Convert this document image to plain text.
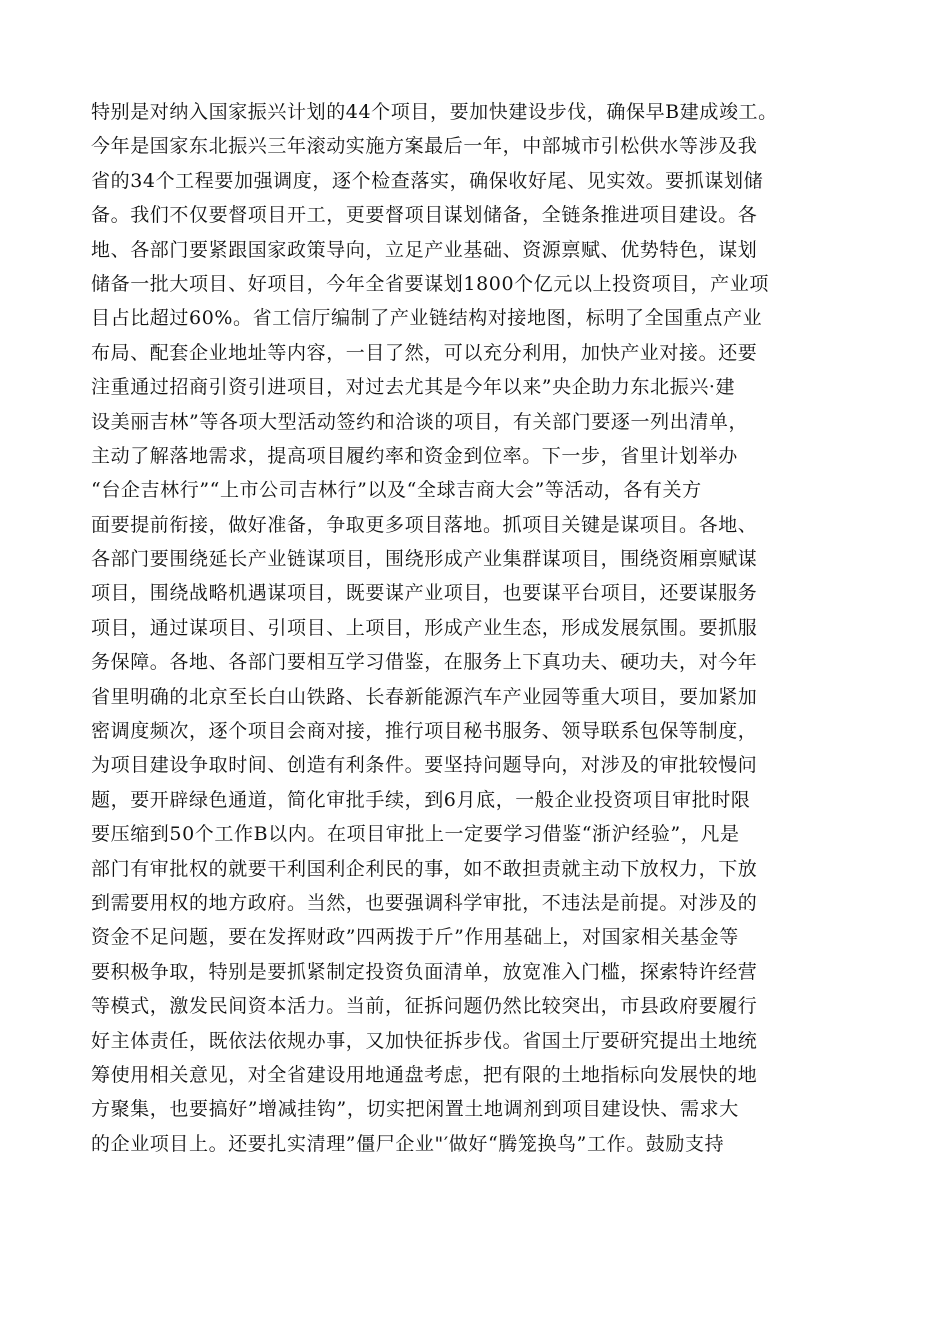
特别是对纳入国家振兴计划的44个项目，要加快建设步伐，确保早B建成竣工。
今年是国家东北振兴三年滚动实施方案最后一年，中部城市引松供水等涉及我
省的34个工程要加强调度，逐个检查落实，确保收好尾、见实效。要抓谋划储
备。我们不仅要督项目开工，更要督项目谋划储备，全链条推进项目建设。各
地、各部门要紧跟国家政策导向，立足产业基础、资源禀赋、优势特色，谋划
储备一批大项目、好项目，今年全省要谋划1800个亿元以上投资项目，产业项
目占比超过60%。省工信厅编制了产业链结构对接地图，标明了全国重点产业
布局、配套企业地址等内容，一目了然，可以充分利用，加快产业对接。还要
注重通过招商引资引进项目，对过去尤其是今年以来”央企助力东北振兴·建
设美丽吉林”等各项大型活动签约和洽谈的项目，有关部门要逐一列出清单，
主动了解落地需求，提高项目履约率和资金到位率。下一步，省里计划举办
“台企吉林行”“上市公司吉林行”以及“全球吉商大会”等活动，各有关方
面要提前衔接，做好准备，争取更多项目落地。抓项目关键是谋项目。各地、
各部门要围绕延长产业链谋项目，围绕形成产业集群谋项目，围绕资厢禀赋谋
项目，围绕战略机遇谋项目，既要谋产业项目，也要谋平台项目，还要谋服务
项目，通过谋项目、引项目、上项目，形成产业生态，形成发展氛围。要抓服
务保障。各地、各部门要相互学习借鉴，在服务上下真功夫、硬功夫，对今年
省里明确的北京至长白山铁路、长春新能源汽车产业园等重大项目，要加紧加
密调度频次，逐个项目会商对接，推行项目秘书服务、领导联系包保等制度，
为项目建设争取时间、创造有利条件。要坚持问题导向，对涉及的审批较慢问
题，要开辟绿色通道，简化审批手续，到6月底，一般企业投资项目审批时限
要压缩到50个工作B以内。在项目审批上一定要学习借鉴“浙沪经验”，凡是
部门有审批权的就要干利国利企利民的事，如不敢担责就主动下放权力，下放
到需要用权的地方政府。当然，也要强调科学审批，不违法是前提。对涉及的
资金不足问题，要在发挥财政”四两拨于斤”作用基础上，对国家相关基金等
要积极争取，特别是要抓紧制定投资负面清单，放宽准入门槛，探索特许经营
等模式，激发民间资本活力。当前，征拆问题仍然比较突出，市县政府要履行
好主体责任，既依法依规办事，又加快征拆步伐。省国土厅要研究提出土地统
筹使用相关意见，对全省建设用地通盘考虑，把有限的土地指标向发展快的地
方聚集，也要搞好”增减挂钩”，切实把闲置土地调剂到项目建设快、需求大
的企业项目上。还要扎实清理”僵尸企业"′做好“腾笼换鸟”工作。鼓励支持
